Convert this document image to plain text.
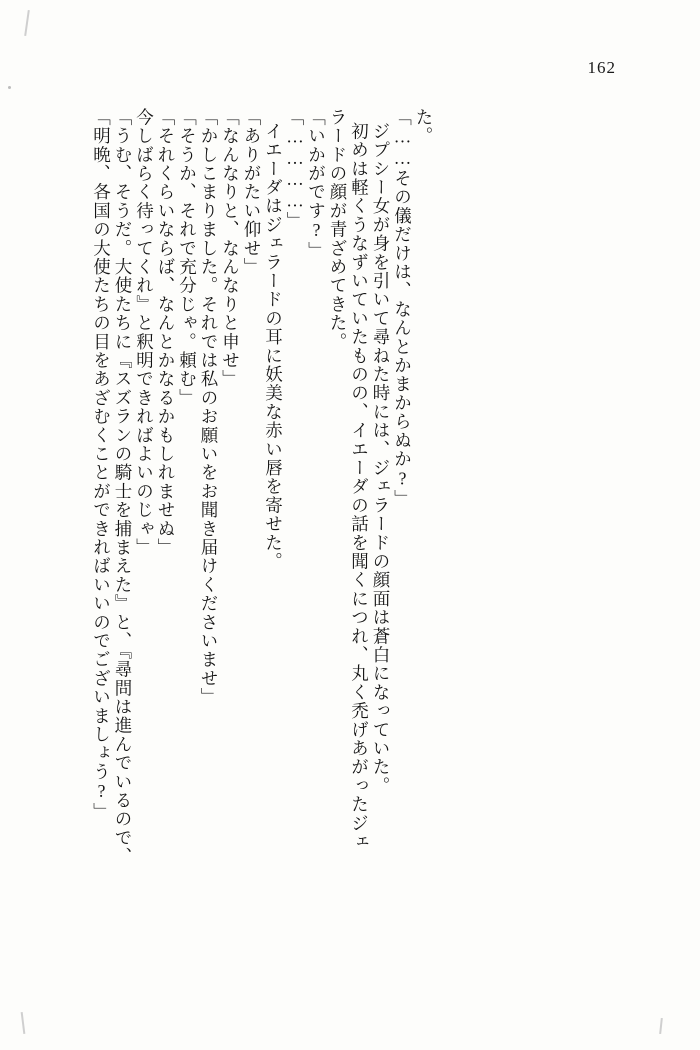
162
「明晩、各国の大使たちの目をあざむくことができればいいのでございましょう?」 「うむ、そうだ。大使たちに『スズランの騎士を捕まえた』と、『尋問は進んでいるので、 今しばらく待ってくれ』と釈明できればよいのじゃ」 「それくらいならば、なんとかなるかもしれませぬ」 「そうか、それで充分じゃ。頼む」 「かしこまりました。それでは私のお願いをお聞き届けくださいませ」 「なんなりと、なんなりと申せ」 「ありがたい仰せ」 イエーダはジェラードの耳に妖美な赤い唇を寄せた。 「…………」 「いかがです?」 ラードの顔が青ざめてきた。 初めは軽くうなずいていたものの、イエーダの話を聞くにつれ、丸く禿げあがったジェ ジプシー女が身を引いて尋ねた時には、ジェラードの顔面は蒼白になっていた。 「……その儀だけは、なんとかまからぬか?」 た。
